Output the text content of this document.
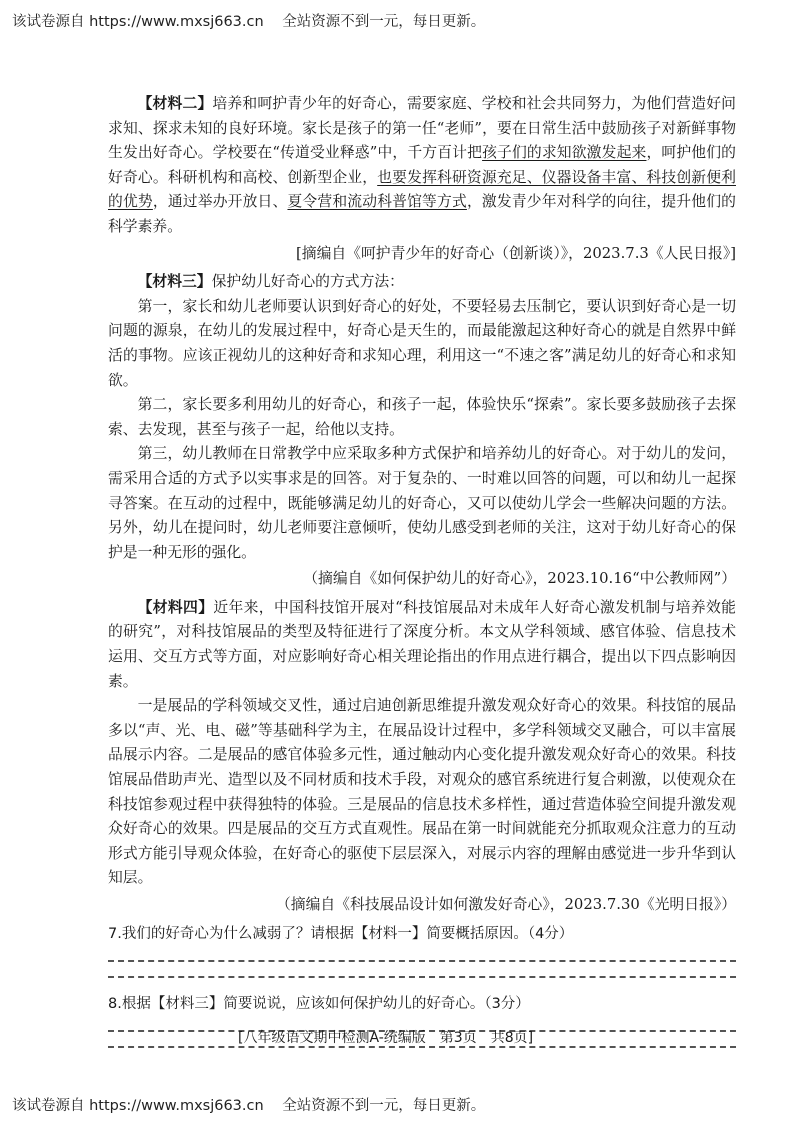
该试卷源自 https://www.mxsj663.cn 全站资源不到一元，每日更新。

【材料二】培养和呵护青少年的好奇心，需要家庭、学校和社会共同努力，为他们营造好问求知、探求未知的良好环境。家长是孩子的第一任“老师”，要在日常生活中鼓励孩子对新鲜事物生发出好奇心。学校要在“传道受业释惑”中，千方百计把孩子们的求知欲激发起来，呵护他们的好奇心。科研机构和高校、创新型企业，也要发挥科研资源充足、仪器设备丰富、科技创新便利的优势，通过举办开放日、夏令营和流动科普馆等方式，激发青少年对科学的向往，提升他们的科学素养。

[摘编自《呵护青少年的好奇心（创新谈）》，2023.7.3《人民日报》]

【材料三】保护幼儿好奇心的方式方法：

第一，家长和幼儿老师要认识到好奇心的好处，不要轻易去压制它，要认识到好奇心是一切问题的源泉，在幼儿的发展过程中，好奇心是天生的，而最能激起这种好奇心的就是自然界中鲜活的事物。应该正视幼儿的这种好奇和求知心理，利用这一“不速之客”满足幼儿的好奇心和求知欲。

第二，家长要多利用幼儿的好奇心，和孩子一起，体验快乐“探索”。家长要多鼓励孩子去探索、去发现，甚至与孩子一起，给他以支持。

第三，幼儿教师在日常教学中应采取多种方式保护和培养幼儿的好奇心。对于幼儿的发问，需采用合适的方式予以实事求是的回答。对于复杂的、一时难以回答的问题，可以和幼儿一起探寻答案。在互动的过程中，既能够满足幼儿的好奇心，又可以使幼儿学会一些解决问题的方法。另外，幼儿在提问时，幼儿老师要注意倾听，使幼儿感受到老师的关注，这对于幼儿好奇心的保护是一种无形的强化。

（摘编自《如何保护幼儿的好奇心》，2023.10.16“中公教师网”）

【材料四】近年来，中国科技馆开展对“科技馆展品对未成年人好奇心激发机制与培养效能的研究”，对科技馆展品的类型及特征进行了深度分析。本文从学科领域、感官体验、信息技术运用、交互方式等方面，对应影响好奇心相关理论指出的作用点进行耦合，提出以下四点影响因素。

一是展品的学科领域交叉性，通过启迪创新思维提升激发观众好奇心的效果。科技馆的展品多以“声、光、电、磁”等基础科学为主，在展品设计过程中，多学科领域交叉融合，可以丰富展品展示内容。二是展品的感官体验多元性，通过触动内心变化提升激发观众好奇心的效果。科技馆展品借助声光、造型以及不同材质和技术手段，对观众的感官系统进行复合刺激，以使观众在科技馆参观过程中获得独特的体验。三是展品的信息技术多样性，通过营造体验空间提升激发观众好奇心的效果。四是展品的交互方式直观性。展品在第一时间就能充分抓取观众注意力的互动形式方能引导观众体验，在好奇心的驱使下层层深入，对展示内容的理解由感觉进一步升华到认知层。

（摘编自《科技展品设计如何激发好奇心》，2023.7.30《光明日报》）

7.我们的好奇心为什么减弱了？请根据【材料一】简要概括原因。（4分）

8.根据【材料三】简要说说，应该如何保护幼儿的好奇心。（3分）

[八年级语文期中检测A-统编版　第3页　共8页]
该试卷源自 https://www.mxsj663.cn 全站资源不到一元，每日更新。
